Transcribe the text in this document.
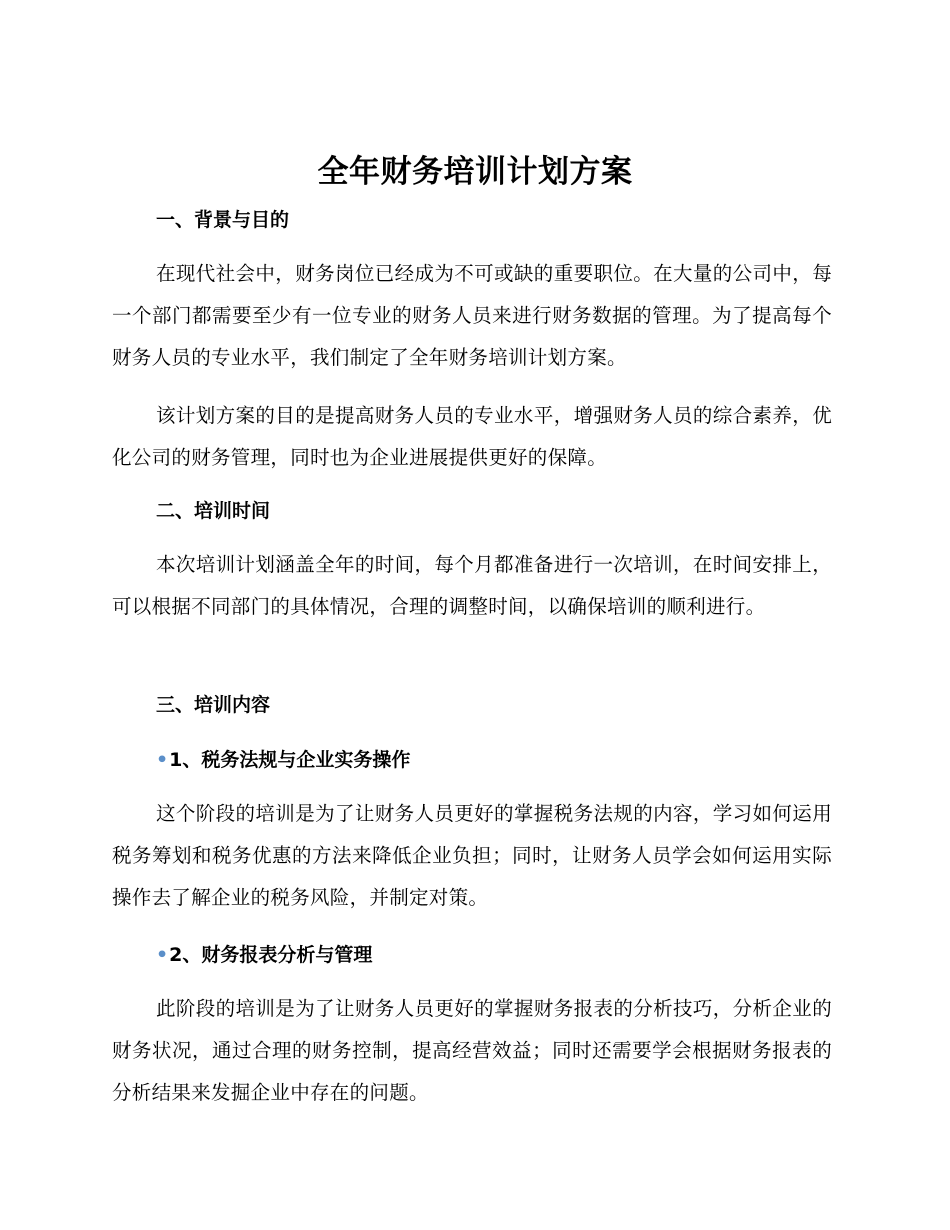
全年财务培训计划方案
一、背景与目的
在现代社会中，财务岗位已经成为不可或缺的重要职位。在大量的公司中，每一个部门都需要至少有一位专业的财务人员来进行财务数据的管理。为了提高每个财务人员的专业水平，我们制定了全年财务培训计划方案。
该计划方案的目的是提高财务人员的专业水平，增强财务人员的综合素养，优化公司的财务管理，同时也为企业进展提供更好的保障。
二、培训时间
本次培训计划涵盖全年的时间，每个月都准备进行一次培训，在时间安排上，可以根据不同部门的具体情况，合理的调整时间，以确保培训的顺利进行。
三、培训内容
•1、税务法规与企业实务操作
这个阶段的培训是为了让财务人员更好的掌握税务法规的内容，学习如何运用税务筹划和税务优惠的方法来降低企业负担；同时，让财务人员学会如何运用实际操作去了解企业的税务风险，并制定对策。
•2、财务报表分析与管理
此阶段的培训是为了让财务人员更好的掌握财务报表的分析技巧，分析企业的财务状况，通过合理的财务控制，提高经营效益；同时还需要学会根据财务报表的分析结果来发掘企业中存在的问题。
